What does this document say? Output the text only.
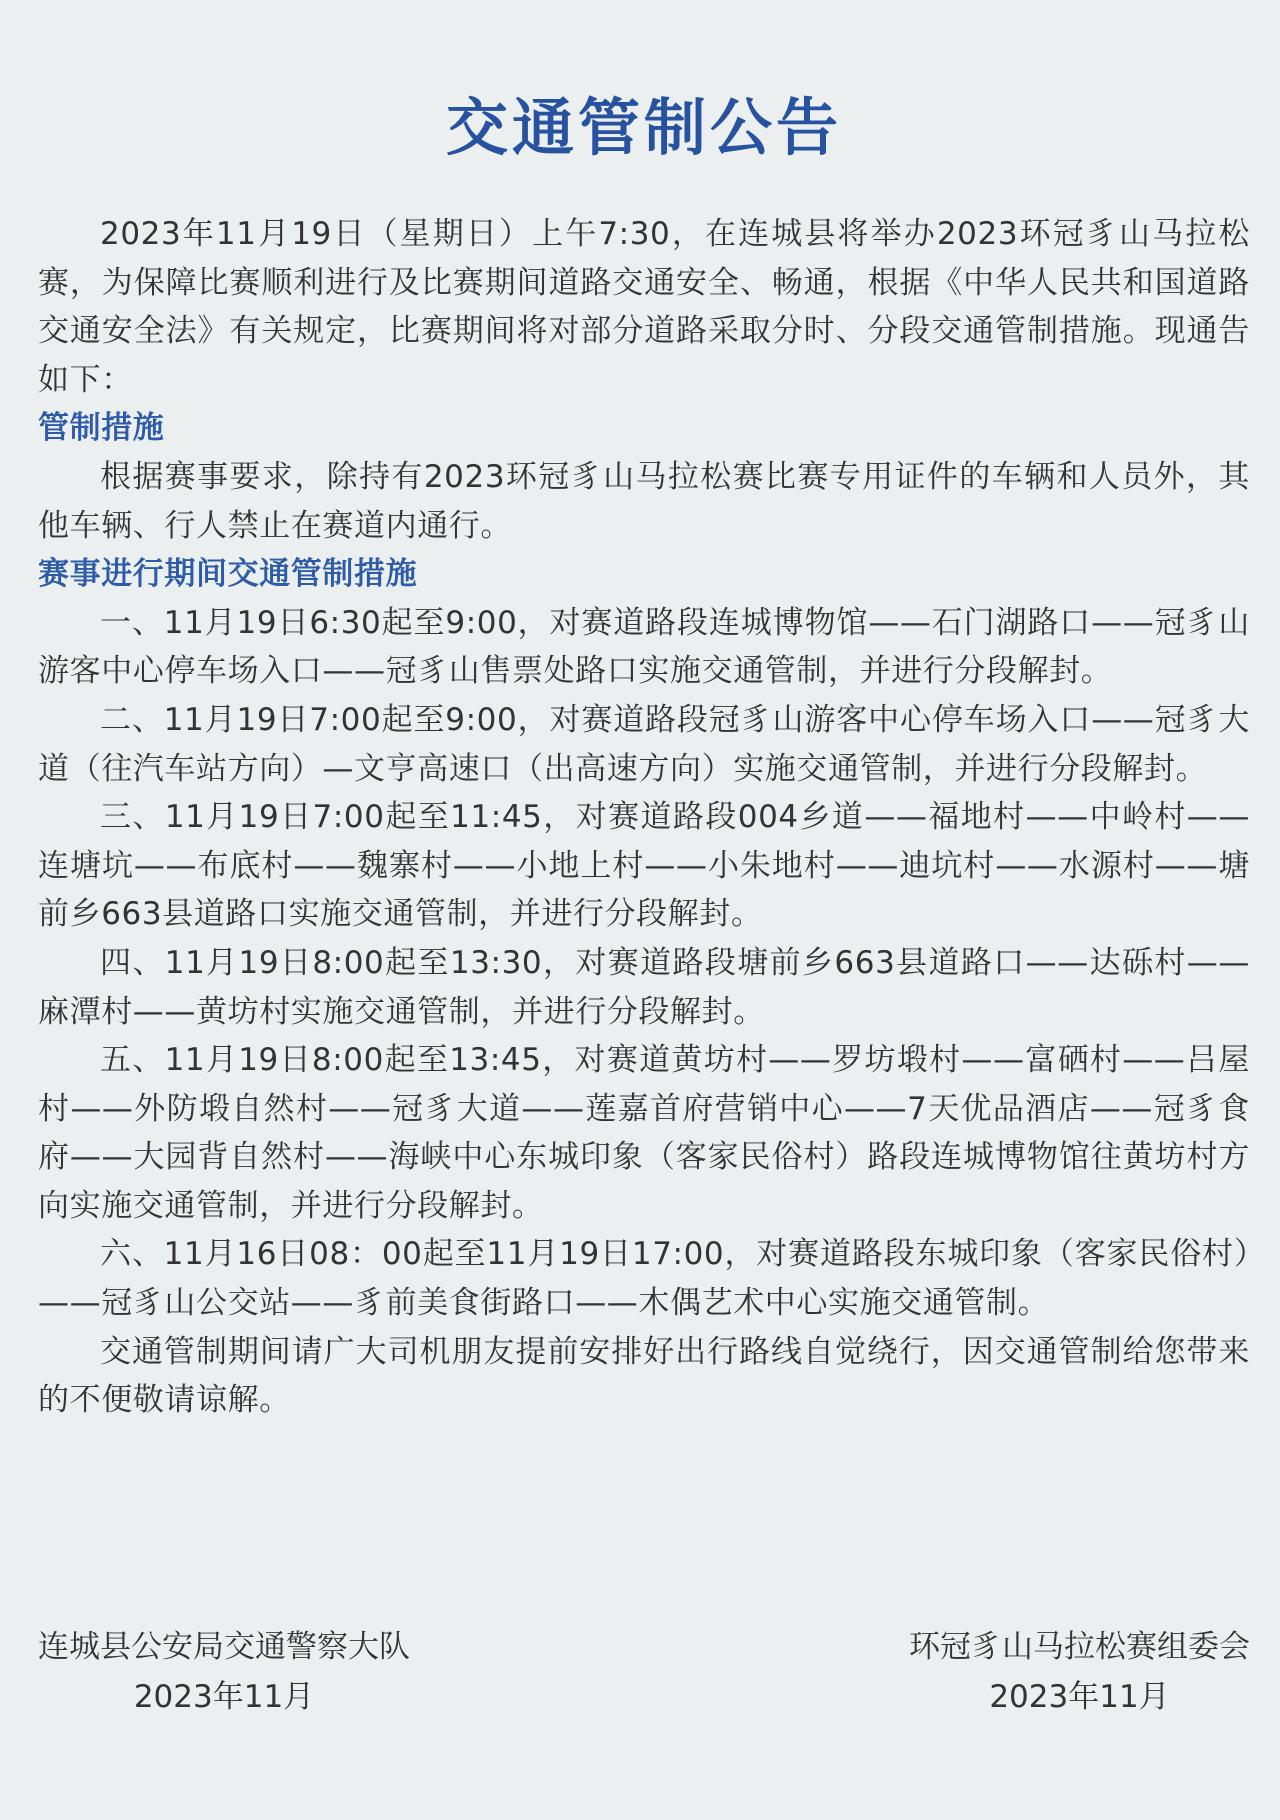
交通管制公告

2023年11月19日（星期日）上午7:30，在连城县将举办2023环冠豸山马拉松赛，为保障比赛顺利进行及比赛期间道路交通安全、畅通，根据《中华人民共和国道路交通安全法》有关规定，比赛期间将对部分道路采取分时、分段交通管制措施。现通告如下：

管制措施

根据赛事要求，除持有2023环冠豸山马拉松赛比赛专用证件的车辆和人员外，其他车辆、行人禁止在赛道内通行。

赛事进行期间交通管制措施

一、11月19日6:30起至9:00，对赛道路段连城博物馆——石门湖路口——冠豸山游客中心停车场入口——冠豸山售票处路口实施交通管制，并进行分段解封。

二、11月19日7:00起至9:00，对赛道路段冠豸山游客中心停车场入口——冠豸大道（往汽车站方向）—文亨高速口（出高速方向）实施交通管制，并进行分段解封。

三、11月19日7:00起至11:45，对赛道路段004乡道——福地村——中岭村——连塘坑——布底村——魏寨村——小地上村——小朱地村——迪坑村——水源村——塘前乡663县道路口实施交通管制，并进行分段解封。

四、11月19日8:00起至13:30，对赛道路段塘前乡663县道路口——达砾村——麻潭村——黄坊村实施交通管制，并进行分段解封。

五、11月19日8:00起至13:45，对赛道黄坊村——罗坊塅村——富硒村——吕屋村——外防塅自然村——冠豸大道——莲嘉首府营销中心——7天优品酒店——冠豸食府——大园背自然村——海峡中心东城印象（客家民俗村）路段连城博物馆往黄坊村方向实施交通管制，并进行分段解封。

六、11月16日08：00起至11月19日17:00，对赛道路段东城印象（客家民俗村）——冠豸山公交站——豸前美食街路口——木偶艺术中心实施交通管制。

交通管制期间请广大司机朋友提前安排好出行路线自觉绕行，因交通管制给您带来的不便敬请谅解。

连城县公安局交通警察大队
2023年11月
环冠豸山马拉松赛组委会
2023年11月
